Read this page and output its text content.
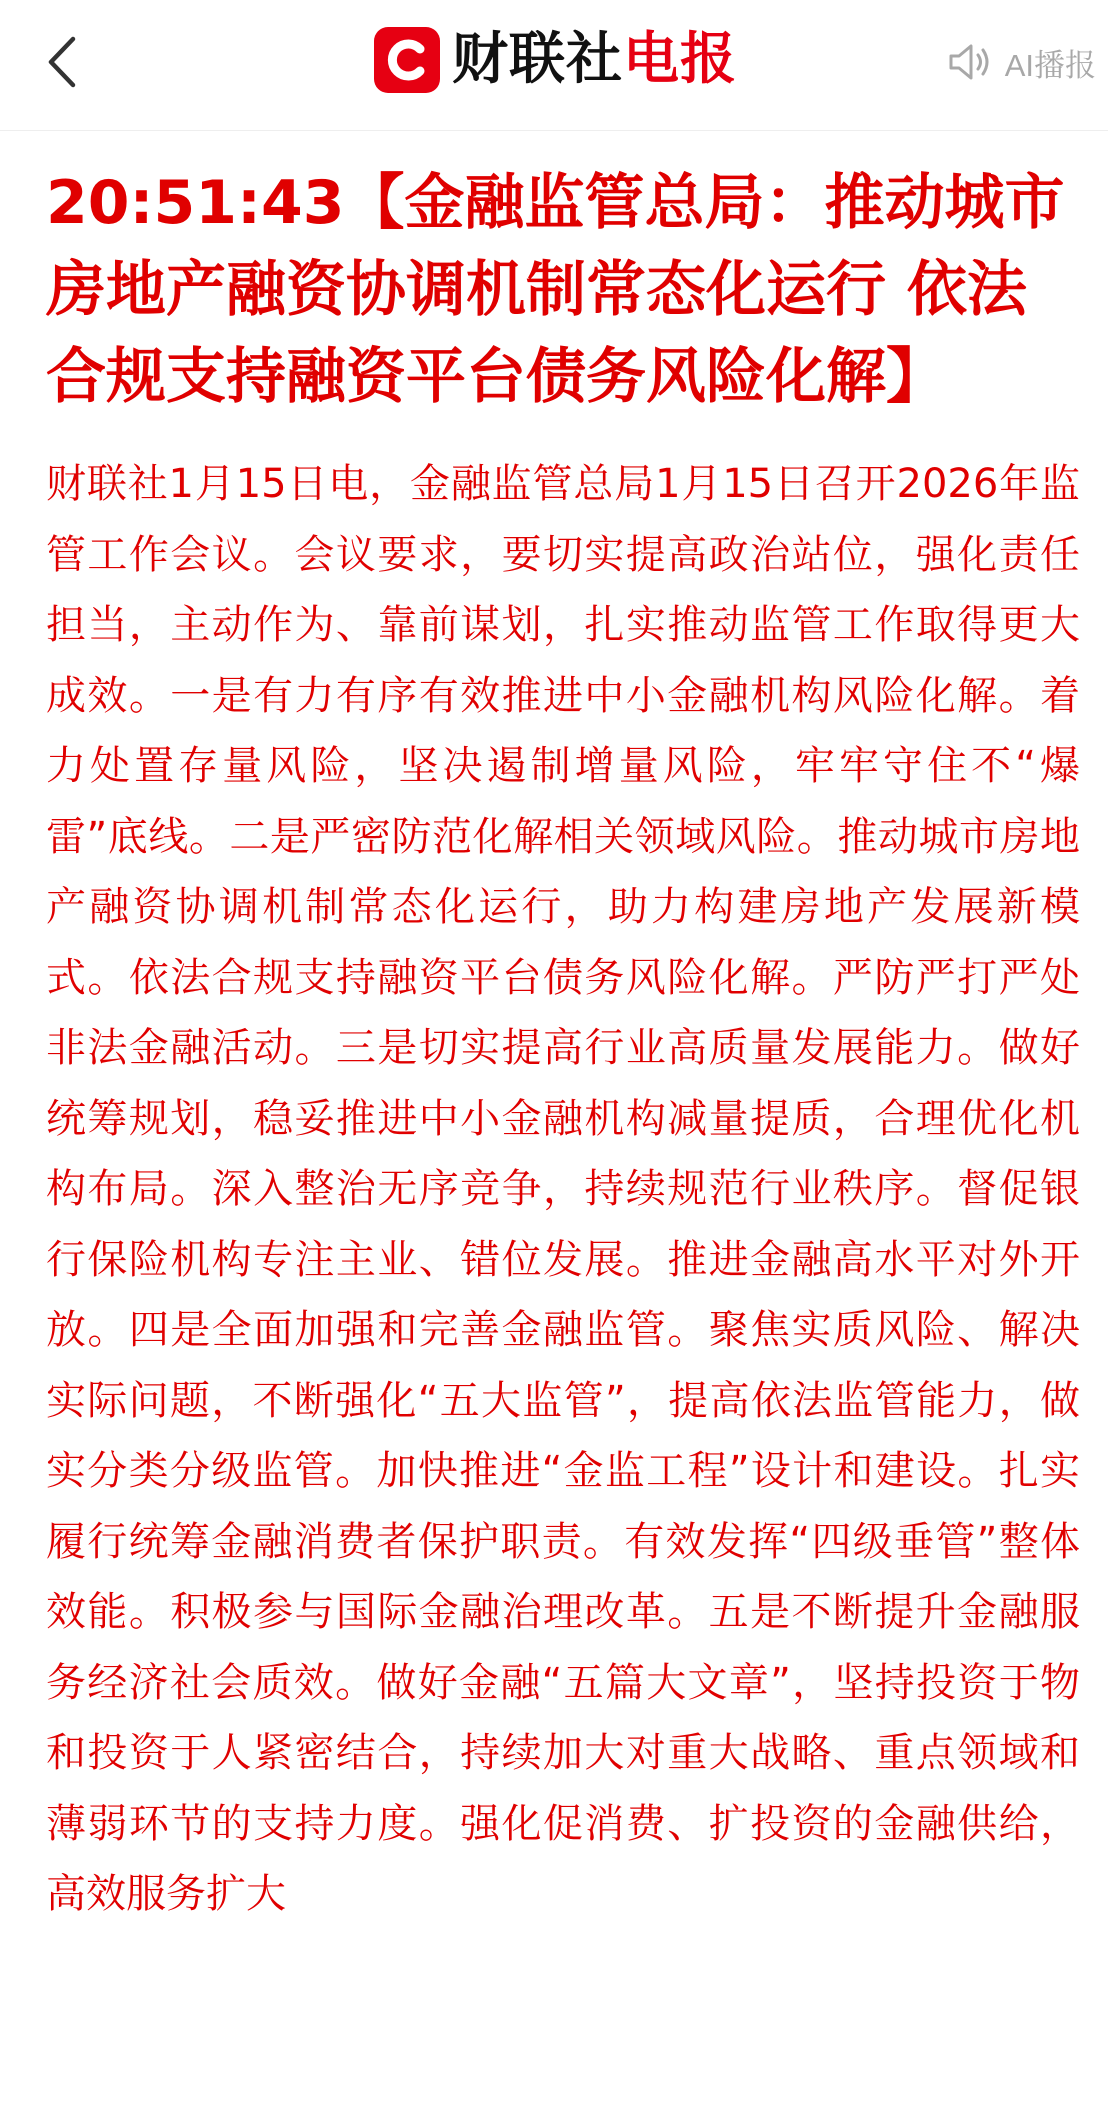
财联社电报	AI播报
20:51:43【金融监管总局：推动城市房地产融资协调机制常态化运行 依法合规支持融资平台债务风险化解】

财联社1月15日电，金融监管总局1月15日召开2026年监管工作会议。会议要求，要切实提高政治站位，强化责任担当，主动作为、靠前谋划，扎实推动监管工作取得更大成效。一是有力有序有效推进中小金融机构风险化解。着力处置存量风险，坚决遏制增量风险，牢牢守住不“爆雷”底线。二是严密防范化解相关领域风险。推动城市房地产融资协调机制常态化运行，助力构建房地产发展新模式。依法合规支持融资平台债务风险化解。严防严打严处非法金融活动。三是切实提高行业高质量发展能力。做好统筹规划，稳妥推进中小金融机构减量提质，合理优化机构布局。深入整治无序竞争，持续规范行业秩序。督促银行保险机构专注主业、错位发展。推进金融高水平对外开放。四是全面加强和完善金融监管。聚焦实质风险、解决实际问题，不断强化“五大监管”，提高依法监管能力，做实分类分级监管。加快推进“金监工程”设计和建设。扎实履行统筹金融消费者保护职责。有效发挥“四级垂管”整体效能。积极参与国际金融治理改革。五是不断提升金融服务经济社会质效。做好金融“五篇大文章”，坚持投资于物和投资于人紧密结合，持续加大对重大战略、重点领域和薄弱环节的支持力度。强化促消费、扩投资的金融供给，高效服务扩大
